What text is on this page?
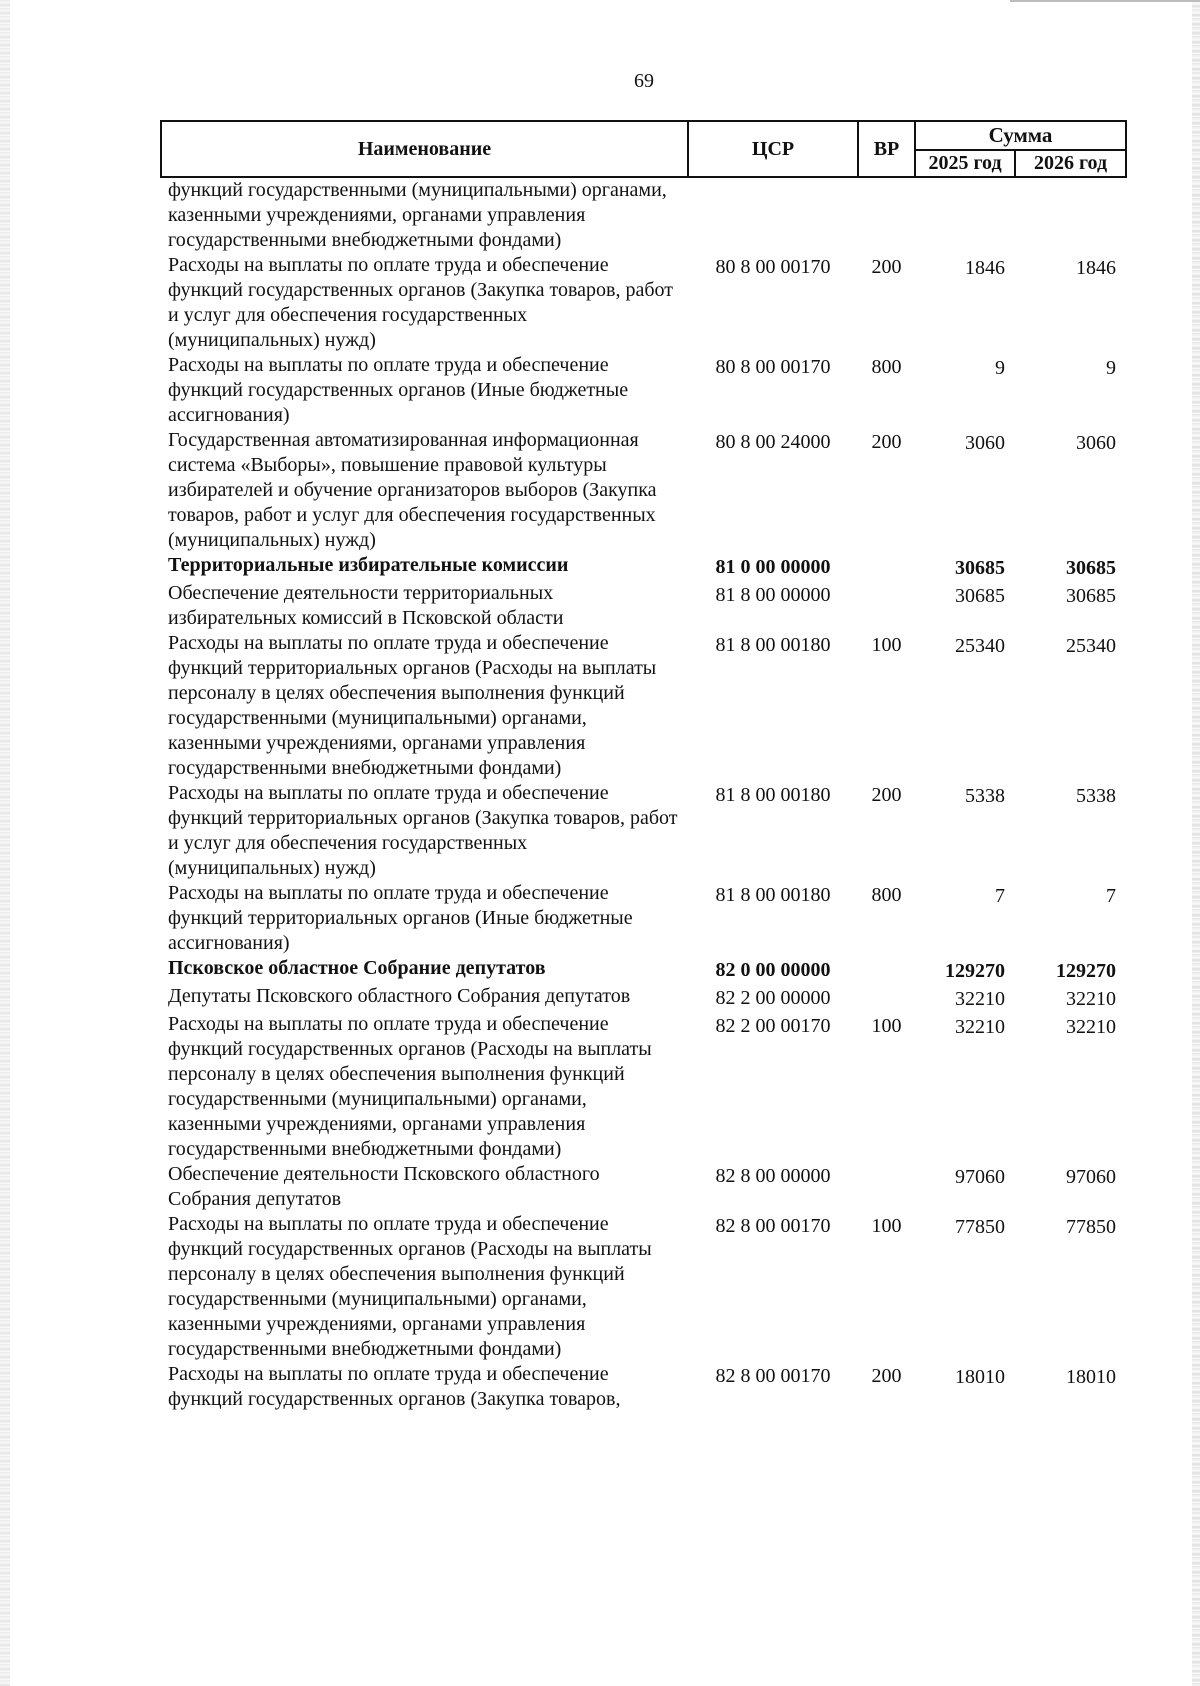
69
Наименование	ЦСР	ВР	Сумма	
			2025 год	2026 год
функций государственными (муниципальными) органами, казенными учреждениями, органами управления государственными внебюджетными фондами)				
Расходы на выплаты по оплате труда и обеспечение функций государственных органов (Закупка товаров, работ и услуг для обеспечения государственных (муниципальных) нужд)	80 8 00 00170	200	1846	1846
Расходы на выплаты по оплате труда и обеспечение функций государственных органов (Иные бюджетные ассигнования)	80 8 00 00170	800	9	9
Государственная автоматизированная информационная система «Выборы», повышение правовой культуры избирателей и обучение организаторов выборов (Закупка товаров, работ и услуг для обеспечения государственных (муниципальных) нужд)	80 8 00 24000	200	3060	3060
Территориальные избирательные комиссии	81 0 00 00000		30685	30685
Обеспечение деятельности территориальных избирательных комиссий в Псковской области	81 8 00 00000		30685	30685
Расходы на выплаты по оплате труда и обеспечение функций территориальных органов (Расходы на выплаты персоналу в целях обеспечения выполнения функций государственными (муниципальными) органами, казенными учреждениями, органами управления государственными внебюджетными фондами)	81 8 00 00180	100	25340	25340
Расходы на выплаты по оплате труда и обеспечение функций территориальных органов (Закупка товаров, работ и услуг для обеспечения государственных (муниципальных) нужд)	81 8 00 00180	200	5338	5338
Расходы на выплаты по оплате труда и обеспечение функций территориальных органов (Иные бюджетные ассигнования)	81 8 00 00180	800	7	7
Псковское областное Собрание депутатов	82 0 00 00000		129270	129270
Депутаты Псковского областного Собрания депутатов	82 2 00 00000		32210	32210
Расходы на выплаты по оплате труда и обеспечение функций государственных органов (Расходы на выплаты персоналу в целях обеспечения выполнения функций государственными (муниципальными) органами, казенными учреждениями, органами управления государственными внебюджетными фондами)	82 2 00 00170	100	32210	32210
Обеспечение деятельности Псковского областного Собрания депутатов	82 8 00 00000		97060	97060
Расходы на выплаты по оплате труда и обеспечение функций государственных органов (Расходы на выплаты персоналу в целях обеспечения выполнения функций государственными (муниципальными) органами, казенными учреждениями, органами управления государственными внебюджетными фондами)	82 8 00 00170	100	77850	77850
Расходы на выплаты по оплате труда и обеспечение функций государственных органов (Закупка товаров,	82 8 00 00170	200	18010	18010
